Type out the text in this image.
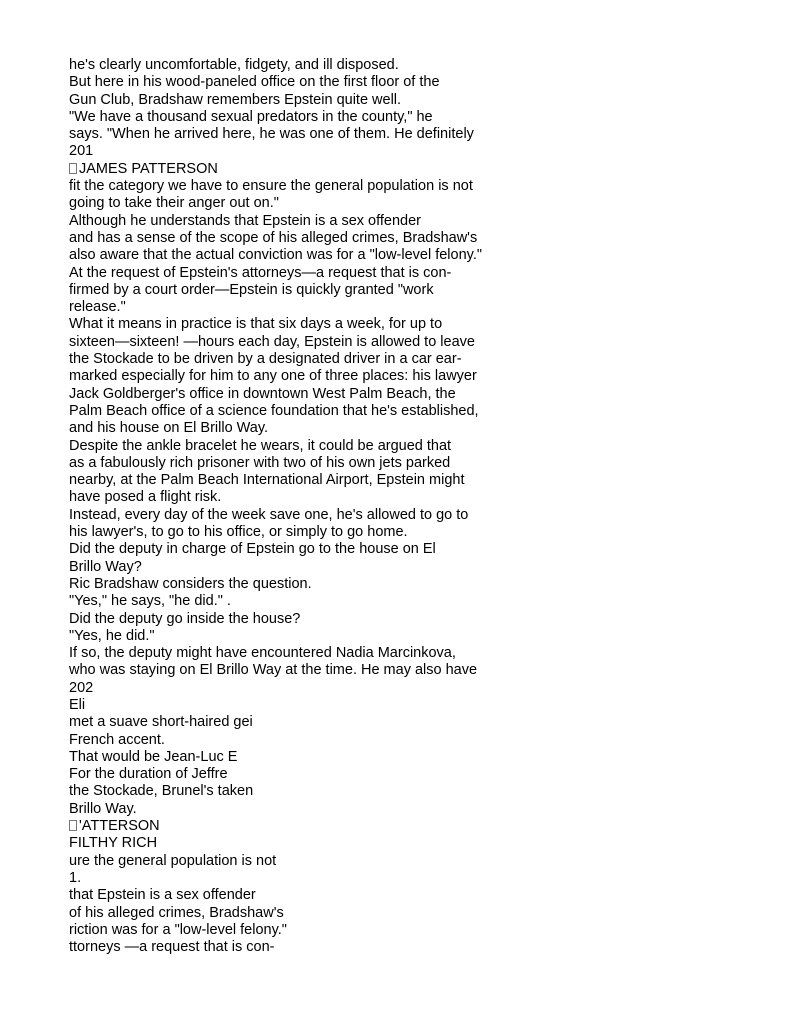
he's clearly uncomfortable, fidgety, and ill disposed.
But here in his wood-paneled office on the first floor of the
Gun Club, Bradshaw remembers Epstein quite well.
"We have a thousand sexual predators in the county," he
says. "When he arrived here, he was one of them. He definitely
201
JAMES PATTERSON
fit the category we have to ensure the general population is not
going to take their anger out on."
Although he understands that Epstein is a sex offender
and has a sense of the scope of his alleged crimes, Bradshaw's
also aware that the actual conviction was for a "low-level felony."
At the request of Epstein's attorneys—a request that is con-
firmed by a court order—Epstein is quickly granted "work
release."
What it means in practice is that six days a week, for up to
sixteen—sixteen! —hours each day, Epstein is allowed to leave
the Stockade to be driven by a designated driver in a car ear-
marked especially for him to any one of three places: his lawyer
Jack Goldberger's office in downtown West Palm Beach, the
Palm Beach office of a science foundation that he's established,
and his house on El Brillo Way.
Despite the ankle bracelet he wears, it could be argued that
as a fabulously rich prisoner with two of his own jets parked
nearby, at the Palm Beach International Airport, Epstein might
have posed a flight risk.
Instead, every day of the week save one, he's allowed to go to
his lawyer's, to go to his office, or simply to go home.
Did the deputy in charge of Epstein go to the house on El
Brillo Way?
Ric Bradshaw considers the question.
"Yes," he says, "he did." .
Did the deputy go inside the house?
"Yes, he did."
If so, the deputy might have encountered Nadia Marcinkova,
who was staying on El Brillo Way at the time. He may also have
202
Eli
met a suave short-haired gei
French accent.
That would be Jean-Luc E
For the duration of Jeffre
the Stockade, Brunel's taken
Brillo Way.
'ATTERSON
FILTHY RICH
ure the general population is not
1.
that Epstein is a sex offender
of his alleged crimes, Bradshaw's
riction was for a "low-level felony."
ttorneys —a request that is con-
